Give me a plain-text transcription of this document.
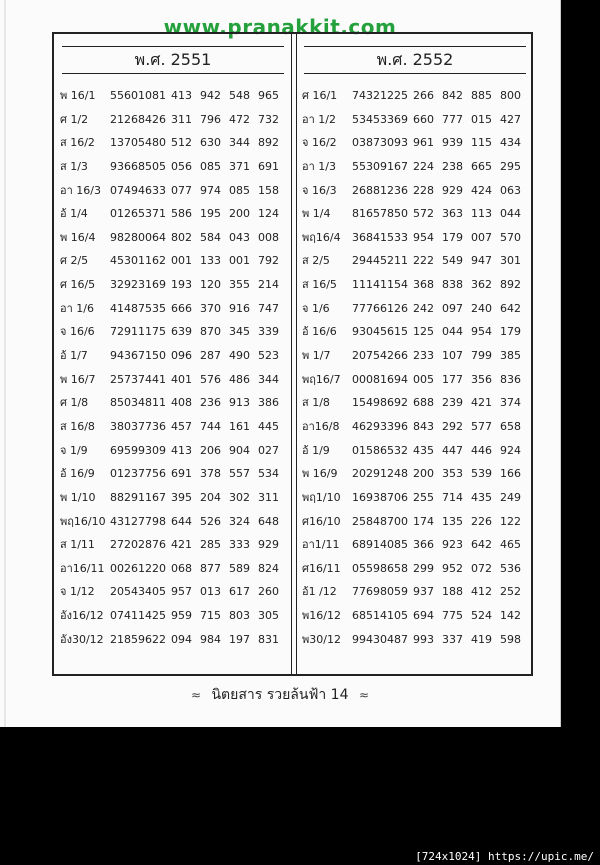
www.pranakkit.com
พ.ศ. 2551
พ 16/1 55601081 413 942 548 965
ศ 1/2 21268426 311 796 472 732
ส 16/2 13705480 512 630 344 892
ส 1/3 93668505 056 085 371 691
อา 16/3 07494633 077 974 085 158
อ้ 1/4 01265371 586 195 200 124
พ 16/4 98280064 802 584 043 008
ศ 2/5 45301162 001 133 001 792
ศ 16/5 32923169 193 120 355 214
อา 1/6 41487535 666 370 916 747
จ 16/6 72911175 639 870 345 339
อ้ 1/7 94367150 096 287 490 523
พ 16/7 25737441 401 576 486 344
ศ 1/8 85034811 408 236 913 386
ส 16/8 38037736 457 744 161 445
จ 1/9 69599309 413 206 904 027
อ้ 16/9 01237756 691 378 557 534
พ 1/10 88291167 395 204 302 311
พฤ16/10 43127798 644 526 324 648
ส 1/11 27202876 421 285 333 929
อา16/11 00261220 068 877 589 824
จ 1/12 20543405 957 013 617 260
อัง16/12 07411425 959 715 803 305
อัง30/12 21859622 094 984 197 831
พ.ศ. 2552
ศ 16/1 74321225 266 842 885 800
อา 1/2 53453369 660 777 015 427
จ 16/2 03873093 961 939 115 434
อา 1/3 55309167 224 238 665 295
จ 16/3 26881236 228 929 424 063
พ 1/4 81657850 572 363 113 044
พฤ16/4 36841533 954 179 007 570
ส 2/5 29445211 222 549 947 301
ส 16/5 11141154 368 838 362 892
จ 1/6 77766126 242 097 240 642
อ้ 16/6 93045615 125 044 954 179
พ 1/7 20754266 233 107 799 385
พฤ16/7 00081694 005 177 356 836
ส 1/8 15498692 688 239 421 374
อา16/8 46293396 843 292 577 658
อ้ 1/9 01586532 435 447 446 924
พ 16/9 20291248 200 353 539 166
พฤ1/10 16938706 255 714 435 249
ศ16/10 25848700 174 135 226 122
อา1/11 68914085 366 923 642 465
ศ16/11 05598658 299 952 072 536
อ้1 /12 77698059 937 188 412 252
พ16/12 68514105 694 775 524 142
พ30/12 99430487 993 337 419 598
≈ นิตยสาร รวยล้นฟ้า 14 ≈
[724x1024] https://upic.me/
